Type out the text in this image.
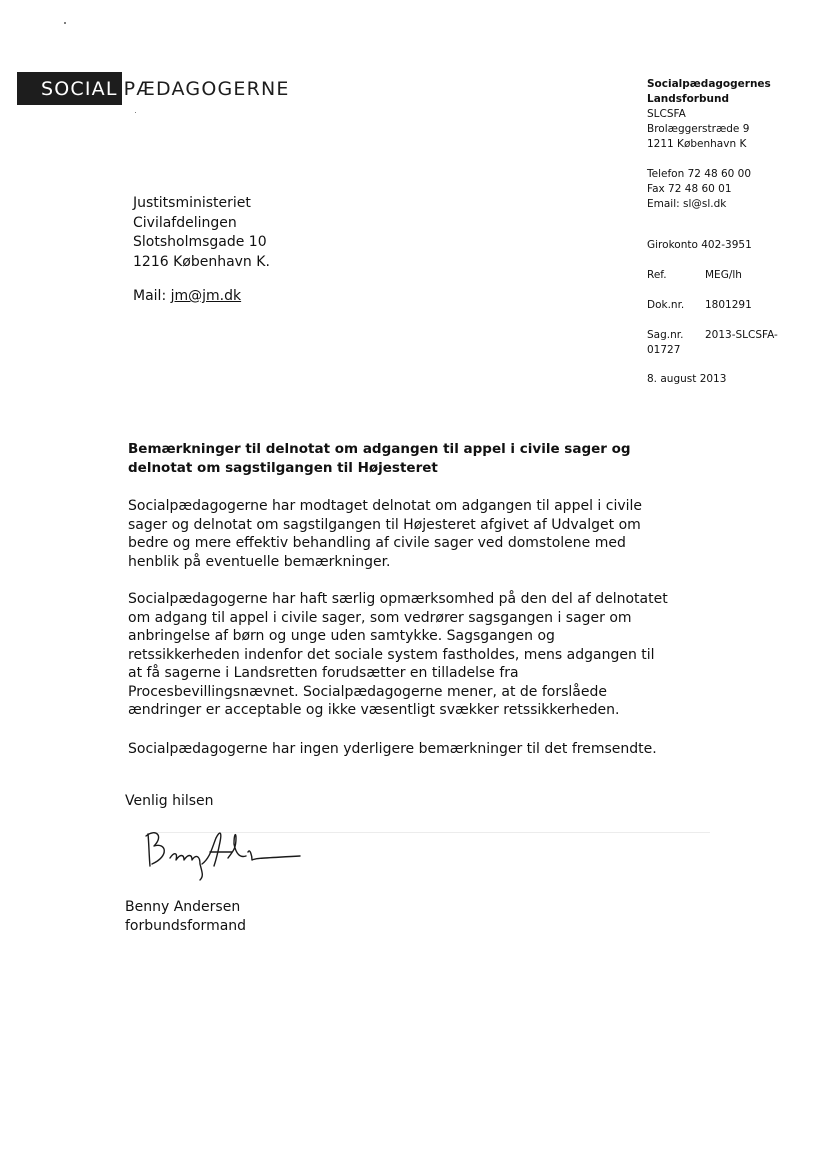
SOCIAL PÆDAGOGERNE	Socialpædagogernes
Landsforbund
SLCSFA
Brolæggerstræde 9
1211 København K
Telefon 72 48 60 00
Fax 72 48 60 01
Email: sl@sl.dk
Girokonto 402-3951
Ref.	MEG/lh
Dok.nr. 1801291
Sag.nr. 2013-SLCSFA-
01727
8. august 2013
Justitsministeriet
Civilafdelingen
Slotsholmsgade 10
1216 København K.
Mail: jm@jm.dk
Bemærkninger til delnotat om adgangen til appel i civile sager og
delnotat om sagstilgangen til Højesteret
Socialpædagogerne har modtaget delnotat om adgangen til appel i civile
sager og delnotat om sagstilgangen til Højesteret afgivet af Udvalget om
bedre og mere effektiv behandling af civile sager ved domstolene med
henblik på eventuelle bemærkninger.
Socialpædagogerne har haft særlig opmærksomhed på den del af delnotatet
om adgang til appel i civile sager, som vedrører sagsgangen i sager om
anbringelse af børn og unge uden samtykke. Sagsgangen og
retssikkerheden indenfor det sociale system fastholdes, mens adgangen til
at få sagerne i Landsretten forudsætter en tilladelse fra
Procesbevillingsnævnet. Socialpædagogerne mener, at de forslåede
ændringer er acceptable og ikke væsentligt svækker retssikkerheden.
Socialpædagogerne har ingen yderligere bemærkninger til det fremsendte.
Venlig hilsen
Benny Andersen
forbundsformand
